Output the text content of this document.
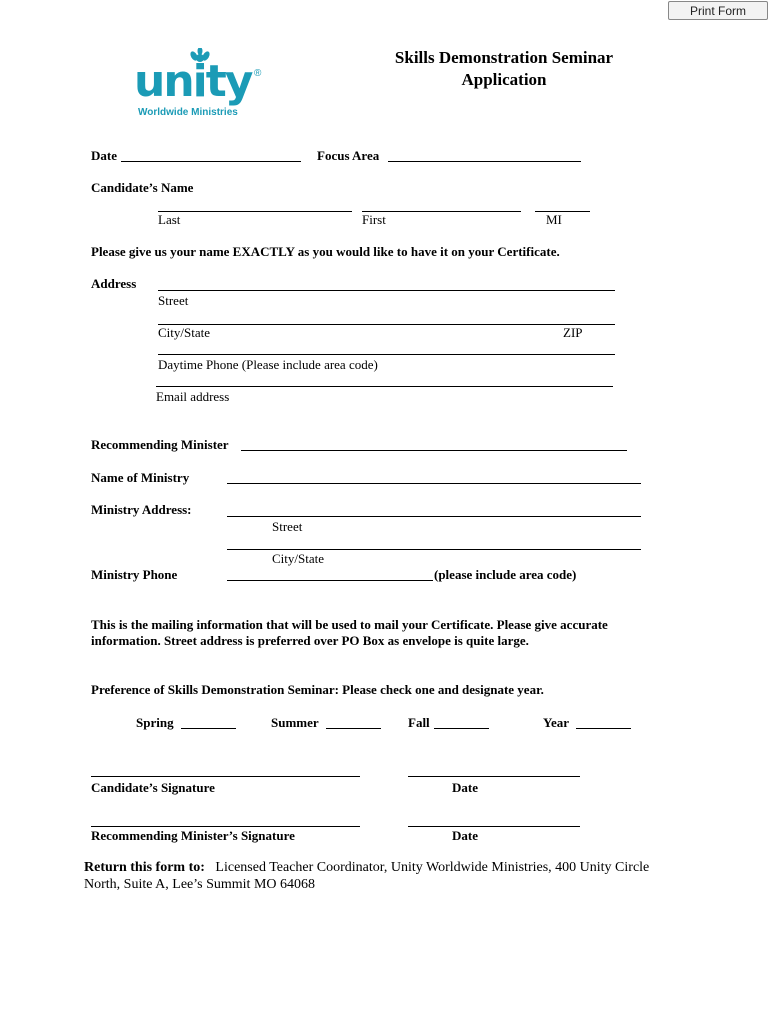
Print Form
unity ®
Worldwide Ministries
Skills Demonstration Seminar
Application
Date	Focus Area
Candidate’s Name
Last	First	MI
Please give us your name EXACTLY as you would like to have it on your Certificate.
Address
Street
City/State	ZIP
Daytime Phone (Please include area code)
Email address
Recommending Minister
Name of Ministry
Ministry Address:
Street
City/State
Ministry Phone	(please include area code)
This is the mailing information that will be used to mail your Certificate. Please give accurate
information. Street address is preferred over PO Box as envelope is quite large.
Preference of Skills Demonstration Seminar: Please check one and designate year.
Spring	Summer	Fall	Year
Candidate’s Signature	Date
Recommending Minister’s Signature	Date
Return this form to: Licensed Teacher Coordinator, Unity Worldwide Ministries, 400 Unity Circle
North, Suite A, Lee’s Summit MO 64068
